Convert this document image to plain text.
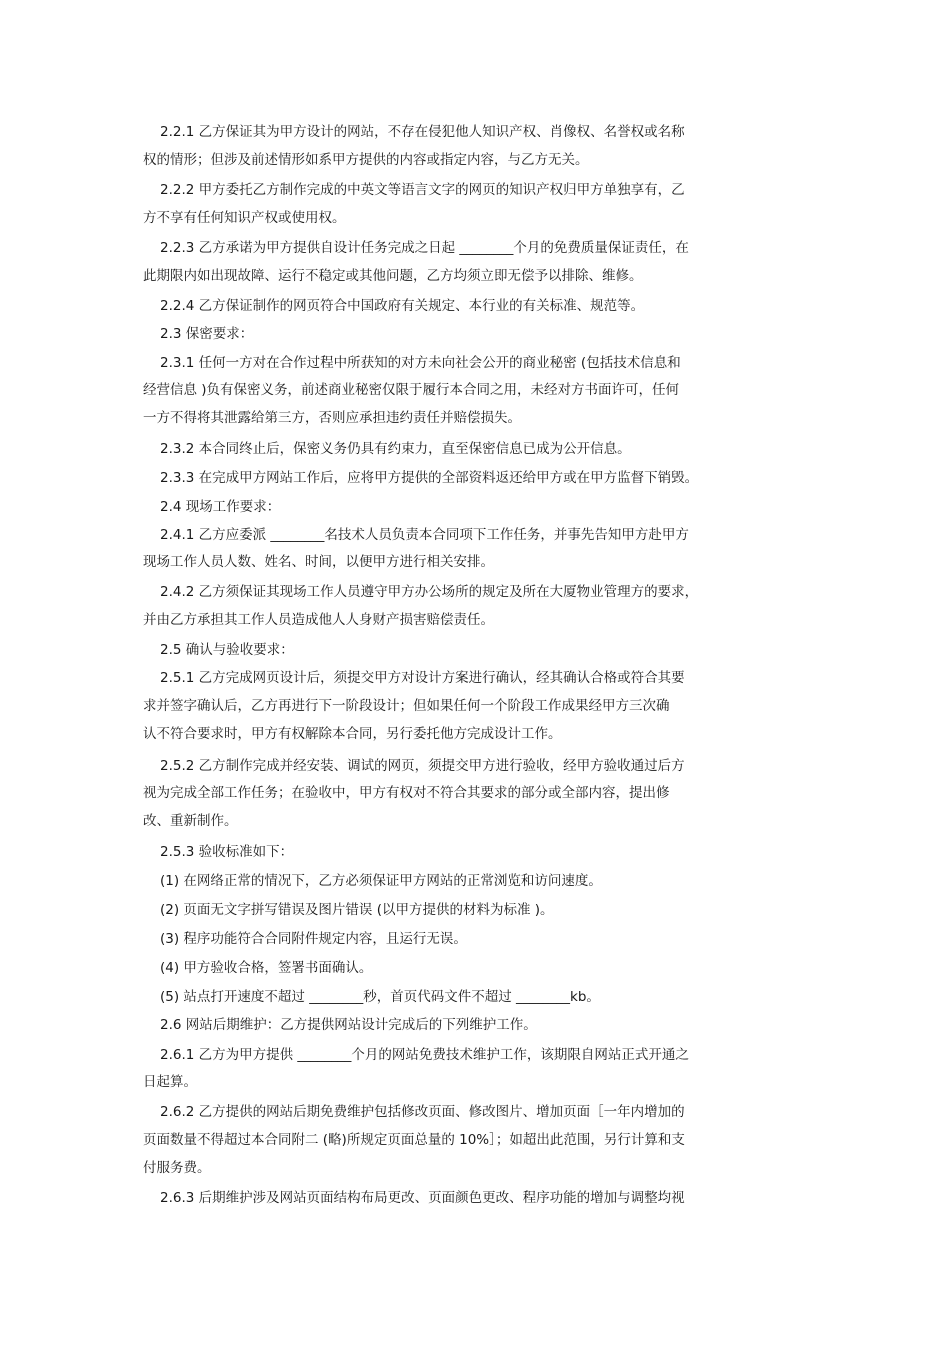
2.2.1 乙方保证其为甲方设计的网站，不存在侵犯他人知识产权、肖像权、名誉权或名称
权的情形；但涉及前述情形如系甲方提供的内容或指定内容，与乙方无关。
2.2.2 甲方委托乙方制作完成的中英文等语言文字的网页的知识产权归甲方单独享有，乙
方不享有任何知识产权或使用权。
2.2.3 乙方承诺为甲方提供自设计任务完成之日起 ________个月的免费质量保证责任，在
此期限内如出现故障、运行不稳定或其他问题，乙方均须立即无偿予以排除、维修。
2.2.4 乙方保证制作的网页符合中国政府有关规定、本行业的有关标准、规范等。
2.3 保密要求：
2.3.1 任何一方对在合作过程中所获知的对方未向社会公开的商业秘密 (包括技术信息和
经营信息 )负有保密义务，前述商业秘密仅限于履行本合同之用，未经对方书面许可，任何
一方不得将其泄露给第三方，否则应承担违约责任并赔偿损失。
2.3.2 本合同终止后，保密义务仍具有约束力，直至保密信息已成为公开信息。
2.3.3 在完成甲方网站工作后，应将甲方提供的全部资料返还给甲方或在甲方监督下销毁。
2.4 现场工作要求：
2.4.1 乙方应委派 ________名技术人员负责本合同项下工作任务，并事先告知甲方赴甲方
现场工作人员人数、姓名、时间，以便甲方进行相关安排。
2.4.2 乙方须保证其现场工作人员遵守甲方办公场所的规定及所在大厦物业管理方的要求，
并由乙方承担其工作人员造成他人人身财产损害赔偿责任。
2.5 确认与验收要求：
2.5.1 乙方完成网页设计后，须提交甲方对设计方案进行确认，经其确认合格或符合其要
求并签字确认后，乙方再进行下一阶段设计；但如果任何一个阶段工作成果经甲方三次确
认不符合要求时，甲方有权解除本合同，另行委托他方完成设计工作。
2.5.2 乙方制作完成并经安装、调试的网页，须提交甲方进行验收，经甲方验收通过后方
视为完成全部工作任务；在验收中，甲方有权对不符合其要求的部分或全部内容，提出修
改、重新制作。
2.5.3 验收标准如下：
(1) 在网络正常的情况下，乙方必须保证甲方网站的正常浏览和访问速度。
(2) 页面无文字拼写错误及图片错误 (以甲方提供的材料为标准 )。
(3) 程序功能符合合同附件规定内容，且运行无误。
(4) 甲方验收合格，签署书面确认。
(5) 站点打开速度不超过 ________秒，首页代码文件不超过 ________kb。
2.6 网站后期维护：乙方提供网站设计完成后的下列维护工作。
2.6.1 乙方为甲方提供 ________个月的网站免费技术维护工作，该期限自网站正式开通之
日起算。
2.6.2 乙方提供的网站后期免费维护包括修改页面、修改图片、增加页面［一年内增加的
页面数量不得超过本合同附二 (略)所规定页面总量的 10%］；如超出此范围，另行计算和支
付服务费。
2.6.3 后期维护涉及网站页面结构布局更改、页面颜色更改、程序功能的增加与调整均视
